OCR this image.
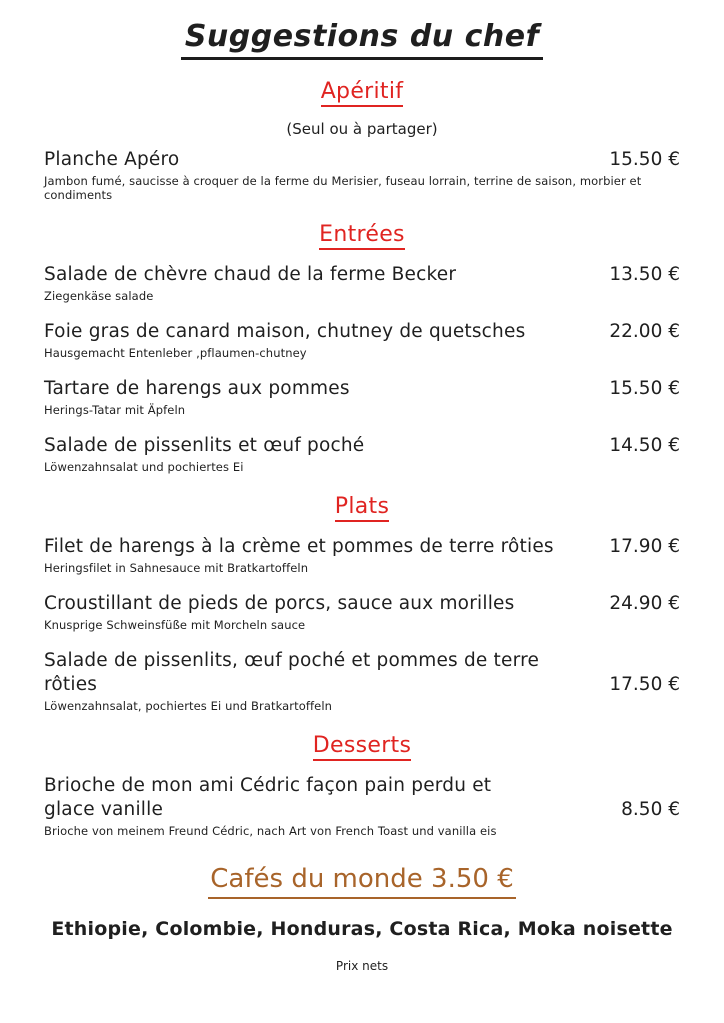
Suggestions du chef
Apéritif

(Seul ou à partager)

Planche Apéro	15.50 €

Jambon fumé, saucisse à croquer de la ferme du Merisier, fuseau lorrain, terrine de saison, morbier et condiments

Entrées
Salade de chèvre chaud de la ferme Becker	13.50 €

Ziegenkäse salade

Foie gras de canard maison, chutney de quetsches	22.00 €

Hausgemacht Entenleber ,pflaumen-chutney

Tartare de harengs aux pommes	15.50 €

Herings-Tatar mit Äpfeln

Salade de pissenlits et œuf poché	14.50 €

Löwenzahnsalat und pochiertes Ei

Plats
Filet de harengs à la crème et pommes de terre rôties	17.90 €

Heringsfilet in Sahnesauce mit Bratkartoffeln

Croustillant de pieds de porcs, sauce aux morilles	24.90 €

Knusprige Schweinsfüße mit Morcheln sauce

Salade de pissenlits, œuf poché et pommes de terre rôties	17.50 €

Löwenzahnsalat, pochiertes Ei und Bratkartoffeln

Desserts
Brioche de mon ami Cédric façon pain perdu et glace vanille	8.50 €

Brioche von meinem Freund Cédric, nach Art von French Toast und vanilla eis

Cafés du monde 3.50 €

Ethiopie, Colombie, Honduras, Costa Rica, Moka noisette

Prix nets
